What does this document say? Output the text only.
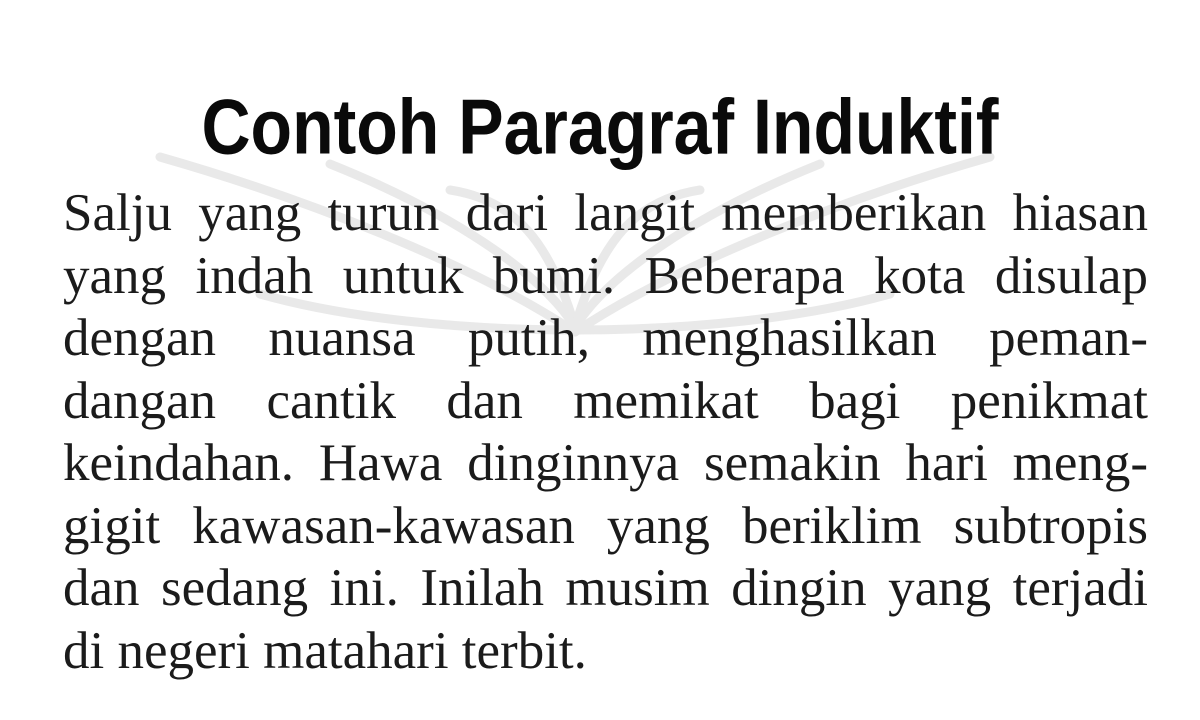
Contoh Paragraf Induktif
Salju yang turun dari langit memberikan hiasan
yang indah untuk bumi. Beberapa kota disulap
dengan nuansa putih, menghasilkan peman-
dangan cantik dan memikat bagi penikmat
keindahan. Hawa dinginnya semakin hari meng-
gigit kawasan-kawasan yang beriklim subtropis
dan sedang ini. Inilah musim dingin yang terjadi
di negeri matahari terbit.
